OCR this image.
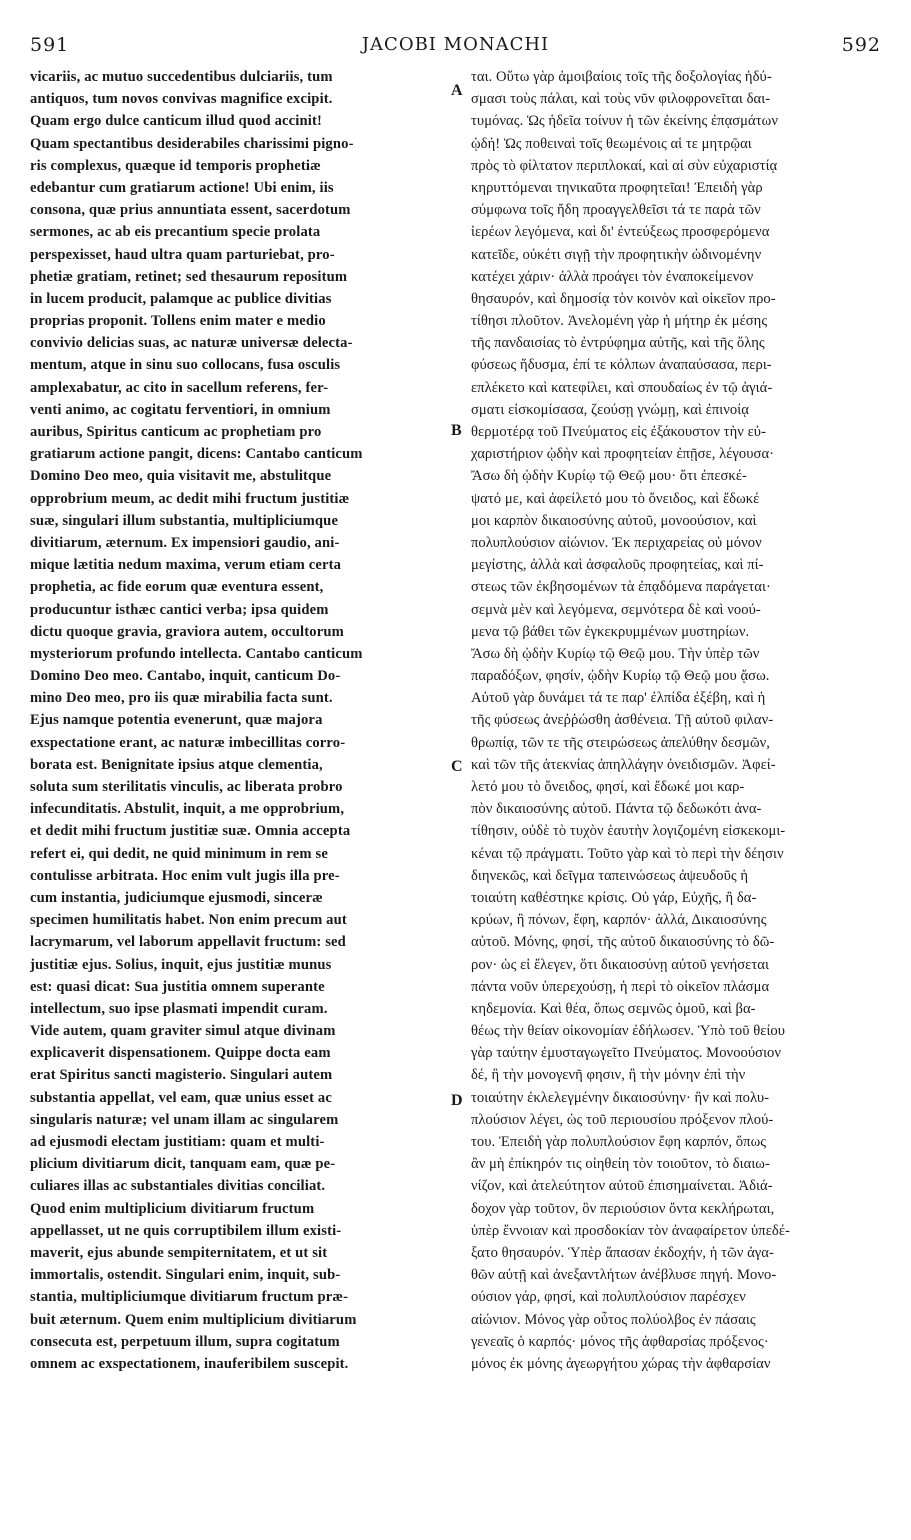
591	JACOBI MONACHI	592
vicariis, ac mutuo succedentibus dulciariis, tum
antiquos, tum novos convivas magnifice excipit.
Quam ergo dulce canticum illud quod accinit!
Quam spectantibus desiderabiles charissimi pigno-
ris complexus, quæque id temporis prophetiæ
edebantur cum gratiarum actione! Ubi enim, iis
consona, quæ prius annuntiata essent, sacerdotum
sermones, ac ab eis precantium specie prolata
perspexisset, haud ultra quam parturiebat, pro-
phetiæ gratiam, retinet; sed thesaurum repositum
in lucem producit, palamque ac publice divitias
proprias proponit. Tollens enim mater e medio
convivio delicias suas, ac naturæ universæ delecta-
mentum, atque in sinu suo collocans, fusa osculis
amplexabatur, ac cito in sacellum referens, fer-
venti animo, ac cogitatu ferventiori, in omnium
auribus, Spiritus canticum ac prophetiam pro
gratiarum actione pangit, dicens: Cantabo canticum
Domino Deo meo, quia visitavit me, abstulitque
opprobrium meum, ac dedit mihi fructum justitiæ
suæ, singulari illum substantia, multipliciumque
divitiarum, æternum. Ex impensiori gaudio, ani-
mique lætitia nedum maxima, verum etiam certa
prophetia, ac fide eorum quæ eventura essent,
producuntur isthæc cantici verba; ipsa quidem
dictu quoque gravia, graviora autem, occultorum
mysteriorum profundo intellecta. Cantabo canticum
Domino Deo meo. Cantabo, inquit, canticum Do-
mino Deo meo, pro iis quæ mirabilia facta sunt.
Ejus namque potentia evenerunt, quæ majora
exspectatione erant, ac naturæ imbecillitas corro-
borata est. Benignitate ipsius atque clementia,
soluta sum sterilitatis vinculis, ac liberata probro
infecunditatis. Abstulit, inquit, a me opprobrium,
et dedit mihi fructum justitiæ suæ. Omnia accepta
refert ei, qui dedit, ne quid minimum in rem se
contulisse arbitrata. Hoc enim vult jugis illa pre-
cum instantia, judiciumque ejusmodi, sinceræ
specimen humilitatis habet. Non enim precum aut
lacrymarum, vel laborum appellavit fructum: sed
justitiæ ejus. Solius, inquit, ejus justitiæ munus
est: quasi dicat: Sua justitia omnem superante
intellectum, suo ipse plasmati impendit curam.
Vide autem, quam graviter simul atque divinam
explicaverit dispensationem. Quippe docta eam
erat Spiritus sancti magisterio. Singulari autem
substantia appellat, vel eam, quæ unius esset ac
singularis naturæ; vel unam illam ac singularem
ad ejusmodi electam justitiam: quam et multi-
plicium divitiarum dicit, tanquam eam, quæ pe-
culiares illas ac substantiales divitias conciliat.
Quod enim multiplicium divitiarum fructum
appellasset, ut ne quis corruptibilem illum existi-
maverit, ejus abunde sempiternitatem, et ut sit
immortalis, ostendit. Singulari enim, inquit, sub-
stantia, multipliciumque divitiarum fructum præ-
buit æternum. Quem enim multiplicium divitiarum
consecuta est, perpetuum illum, supra cogitatum
omnem ac exspectationem, inauferibilem suscepit.
A
B
C
D
ται. Οὕτω γὰρ ἀμοιβαίοις τοῖς τῆς δοξολογίας ἡδύ-
σμασι τοὺς πάλαι, καὶ τοὺς νῦν φιλοφρονεῖται δαι-
τυμόνας. Ὡς ἡδεῖα τοίνυν ἡ τῶν ἐκείνης ἐπᾳσμάτων
ᾠδή! Ὡς ποθειναὶ τοῖς θεωμένοις αἱ τε μητρῷαι
πρὸς τὸ φίλτατον περιπλοκαί, καὶ αἱ σὺν εὐχαριστίᾳ
κηρυττόμεναι τηνικαῦτα προφητεῖαι! Ἐπειδὴ γὰρ
σύμφωνα τοῖς ἤδη προαγγελθεῖσι τά τε παρὰ τῶν
ἱερέων λεγόμενα, καὶ δι' ἐντεύξεως προσφερόμενα
κατεῖδε, οὐκέτι σιγῇ τὴν προφητικὴν ὠδινομένην
κατέχει χάριν· ἀλλὰ προάγει τὸν ἐναποκείμενον
θησαυρόν, καὶ δημοσίᾳ τὸν κοινὸν καὶ οἰκεῖον προ-
τίθησι πλοῦτον. Ἀνελομένη γὰρ ἡ μήτηρ ἐκ μέσης
τῆς πανδαισίας τὸ ἐντρύφημα αὐτῆς, καὶ τῆς ὅλης
φύσεως ἥδυσμα, ἐπί τε κόλπων ἀναπαύσασα, περι-
επλέκετο καὶ κατεφίλει, καὶ σπουδαίως ἐν τῷ ἁγιά-
σματι εἰσκομίσασα, ζεούσῃ γνώμῃ, καὶ ἐπινοίᾳ
θερμοτέρᾳ τοῦ Πνεύματος εἰς ἐξάκουστον τὴν εὐ-
χαριστήριον ᾠδὴν καὶ προφητείαν ἐπῇσε, λέγουσα·
Ἄσω δὴ ᾠδὴν Κυρίῳ τῷ Θεῷ μου· ὅτι ἐπεσκέ-
ψατό με, καὶ ἀφείλετό μου τὸ ὄνειδος, καὶ ἔδωκέ
μοι καρπὸν δικαιοσύνης αὐτοῦ, μονοούσιον, καὶ
πολυπλούσιον αἰώνιον. Ἐκ περιχαρείας οὐ μόνον
μεγίστης, ἀλλὰ καὶ ἀσφαλοῦς προφητείας, καὶ πί-
στεως τῶν ἐκβησομένων τὰ ἐπᾳδόμενα παράγεται·
σεμνὰ μὲν καὶ λεγόμενα, σεμνότερα δὲ καὶ νοού-
μενα τῷ βάθει τῶν ἐγκεκρυμμένων μυστηρίων.
Ἄσω δὴ ᾠδὴν Κυρίῳ τῷ Θεῷ μου. Τὴν ὑπὲρ τῶν
παραδόξων, φησίν, ᾠδὴν Κυρίῳ τῷ Θεῷ μου ᾄσω.
Αὐτοῦ γὰρ δυνάμει τά τε παρ' ἐλπίδα ἐξέβη, καὶ ἡ
τῆς φύσεως ἀνεῤῥώσθη ἀσθένεια. Τῇ αὐτοῦ φιλαν-
θρωπίᾳ, τῶν τε τῆς στειρώσεως ἀπελύθην δεσμῶν,
καὶ τῶν τῆς ἀτεκνίας ἀπηλλάγην ὀνειδισμῶν. Ἀφεί-
λετό μου τὸ ὄνειδος, φησί, καὶ ἔδωκέ μοι καρ-
πὸν δικαιοσύνης αὐτοῦ. Πάντα τῷ δεδωκότι ἀνα-
τίθησιν, οὐδὲ τὸ τυχὸν ἑαυτὴν λογιζομένη εἰσκεκομι-
κέναι τῷ πράγματι. Τοῦτο γὰρ καὶ τὸ περὶ τὴν δέησιν
διηνεκῶς, καὶ δεῖγμα ταπεινώσεως ἀψευδοῦς ἡ
τοιαύτη καθέστηκε κρίσις. Οὐ γάρ, Εὐχῆς, ἢ δα-
κρύων, ἢ πόνων, ἔφη, καρπόν· ἀλλά, Δικαιοσύνης
αὐτοῦ. Μόνης, φησί, τῆς αὐτοῦ δικαιοσύνης τὸ δῶ-
ρον· ὡς εἰ ἔλεγεν, ὅτι δικαιοσύνῃ αὐτοῦ γενήσεται
πάντα νοῦν ὑπερεχούσῃ, ἡ περὶ τὸ οἰκεῖον πλάσμα
κηδεμονία. Καὶ θέα, ὅπως σεμνῶς ὁμοῦ, καὶ βα-
θέως τὴν θείαν οἰκονομίαν ἐδήλωσεν. Ὑπὸ τοῦ θείου
γὰρ ταύτην ἐμυσταγωγεῖτο Πνεύματος. Μονοούσιον
δέ, ἢ τὴν μονογενῆ φησιν, ἢ τὴν μόνην ἐπὶ τὴν
τοιαύτην ἐκλελεγμένην δικαιοσύνην· ἣν καὶ πολυ-
πλούσιον λέγει, ὡς τοῦ περιουσίου πρόξενον πλού-
του. Ἐπειδὴ γὰρ πολυπλούσιον ἔφη καρπόν, ὅπως
ἂν μὴ ἐπίκηρόν τις οἰηθείη τὸν τοιοῦτον, τὸ διαιω-
νίζον, καὶ ἀτελεύτητον αὐτοῦ ἐπισημαίνεται. Ἀδιά-
δοχον γὰρ τοῦτον, ὃν περιούσιον ὄντα κεκλήρωται,
ὑπὲρ ἔννοιαν καὶ προσδοκίαν τὸν ἀναφαίρετον ὑπεδέ-
ξατο θησαυρόν. Ὑπὲρ ἅπασαν ἐκδοχήν, ἡ τῶν ἀγα-
θῶν αὐτῇ καὶ ἀνεξαντλήτων ἀνέβλυσε πηγή. Μονο-
ούσιον γάρ, φησί, καὶ πολυπλούσιον παρέσχεν
αἰώνιον. Μόνος γὰρ οὗτος πολύολβος ἐν πάσαις
γενεαῖς ὁ καρπός· μόνος τῆς ἀφθαρσίας πρόξενος·
μόνος ἐκ μόνης ἀγεωργήτου χώρας τὴν ἀφθαρσίαν
